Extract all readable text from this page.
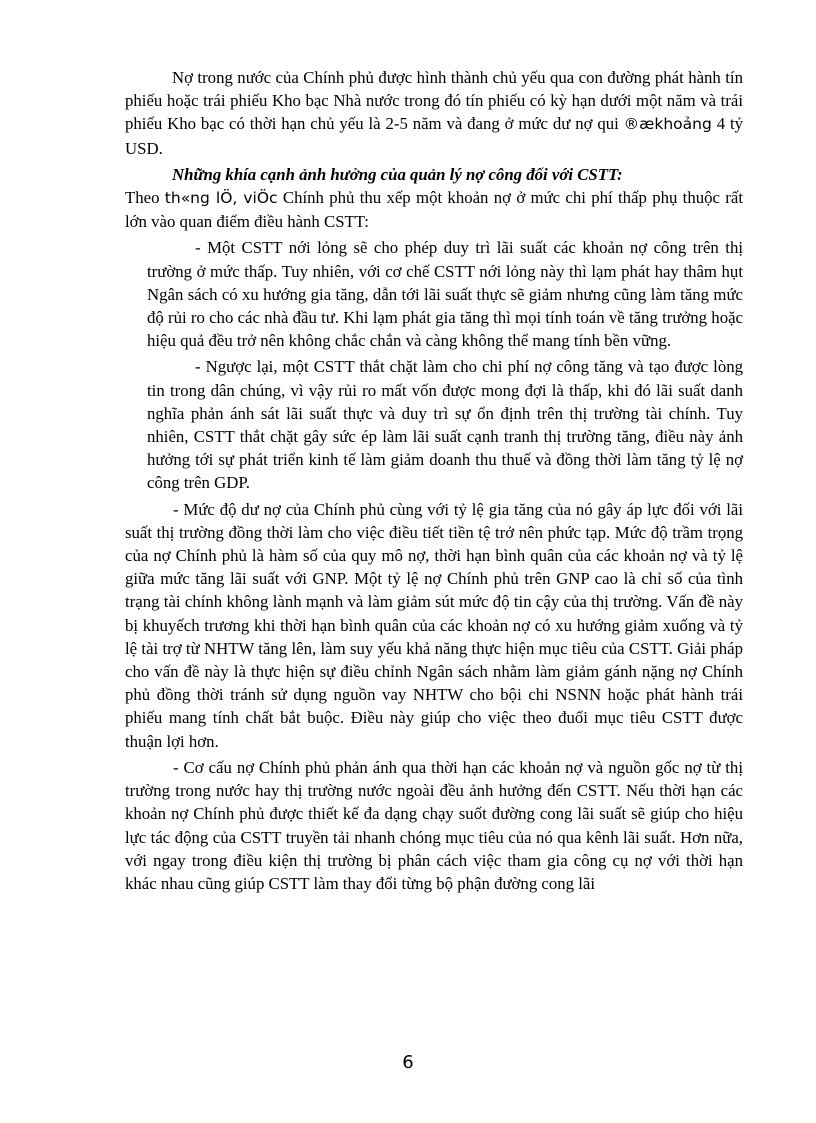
Nợ trong nước của Chính phủ được hình thành chủ yếu qua con đường phát hành tín phiếu hoặc trái phiếu Kho bạc Nhà nước trong đó tín phiếu có kỳ hạn dưới một năm và trái phiếu Kho bạc có thời hạn chủ yếu là 2-5 năm và đang ở mức dư nợ qui ®ækhoảng 4 tỷ USD.

Những khía cạnh ảnh hưởng của quản lý nợ công đối với CSTT:
Theo th«ng lÖ, viÖc Chính phủ thu xếp một khoản nợ ở mức chi phí thấp phụ thuộc rất lớn vào quan điểm điều hành CSTT:

- Một CSTT nới lỏng sẽ cho phép duy trì lãi suất các khoản nợ công trên thị trường ở mức thấp. Tuy nhiên, với cơ chế CSTT nới lỏng này thì lạm phát hay thâm hụt Ngân sách có xu hướng gia tăng, dẫn tới lãi suất thực sẽ giảm nhưng cũng làm tăng mức độ rủi ro cho các nhà đầu tư. Khi lạm phát gia tăng thì mọi tính toán về tăng trưởng hoặc hiệu quả đều trở nên không chắc chắn và càng không thể mang tính bền vững.

- Ngược lại, một CSTT thắt chặt làm cho chi phí nợ công tăng và tạo được lòng tin trong dân chúng, vì vậy rủi ro mất vốn được mong đợi là thấp, khi đó lãi suất danh nghĩa phản ánh sát lãi suất thực và duy trì sự ổn định trên thị trường tài chính. Tuy nhiên, CSTT thắt chặt gây sức ép làm lãi suất cạnh tranh thị trường tăng, điều này ảnh hưởng tới sự phát triển kinh tế làm giảm doanh thu thuế và đồng thời làm tăng tỷ lệ nợ công trên GDP.

- Mức độ dư nợ của Chính phủ cùng với tỷ lệ gia tăng của nó gây áp lực đối với lãi suất thị trường đồng thời làm cho việc điều tiết tiền tệ trở nên phức tạp. Mức độ trầm trọng của nợ Chính phủ là hàm số của quy mô nợ, thời hạn bình quân của các khoản nợ và tỷ lệ giữa mức tăng lãi suất với GNP. Một tỷ lệ nợ Chính phủ trên GNP cao là chỉ số của tình trạng tài chính không lành mạnh và làm giảm sút mức độ tin cậy của thị trường. Vấn đề này bị khuyếch trương khi thời hạn bình quân của các khoản nợ có xu hướng giảm xuống và tỷ lệ tài trợ từ NHTW tăng lên, làm suy yếu khả năng thực hiện mục tiêu của CSTT. Giải pháp cho vấn đề này là thực hiện sự điều chỉnh Ngân sách nhằm làm giảm gánh nặng nợ Chính phủ đồng thời tránh sử dụng nguồn vay NHTW cho bội chi NSNN hoặc phát hành trái phiếu mang tính chất bắt buộc. Điều này giúp cho việc theo đuổi mục tiêu CSTT được thuận lợi hơn.

- Cơ cấu nợ Chính phủ phản ánh qua thời hạn các khoản nợ và nguồn gốc nợ từ thị trường trong nước hay thị trường nước ngoài đều ảnh hưởng đến CSTT. Nếu thời hạn các khoản nợ Chính phủ được thiết kế đa dạng chạy suốt đường cong lãi suất sẽ giúp cho hiệu lực tác động của CSTT truyền tải nhanh chóng mục tiêu của nó qua kênh lãi suất. Hơn nữa, với ngay trong điều kiện thị trường bị phân cách việc tham gia công cụ nợ với thời hạn khác nhau cũng giúp CSTT làm thay đổi từng bộ phận đường cong lãi

6
